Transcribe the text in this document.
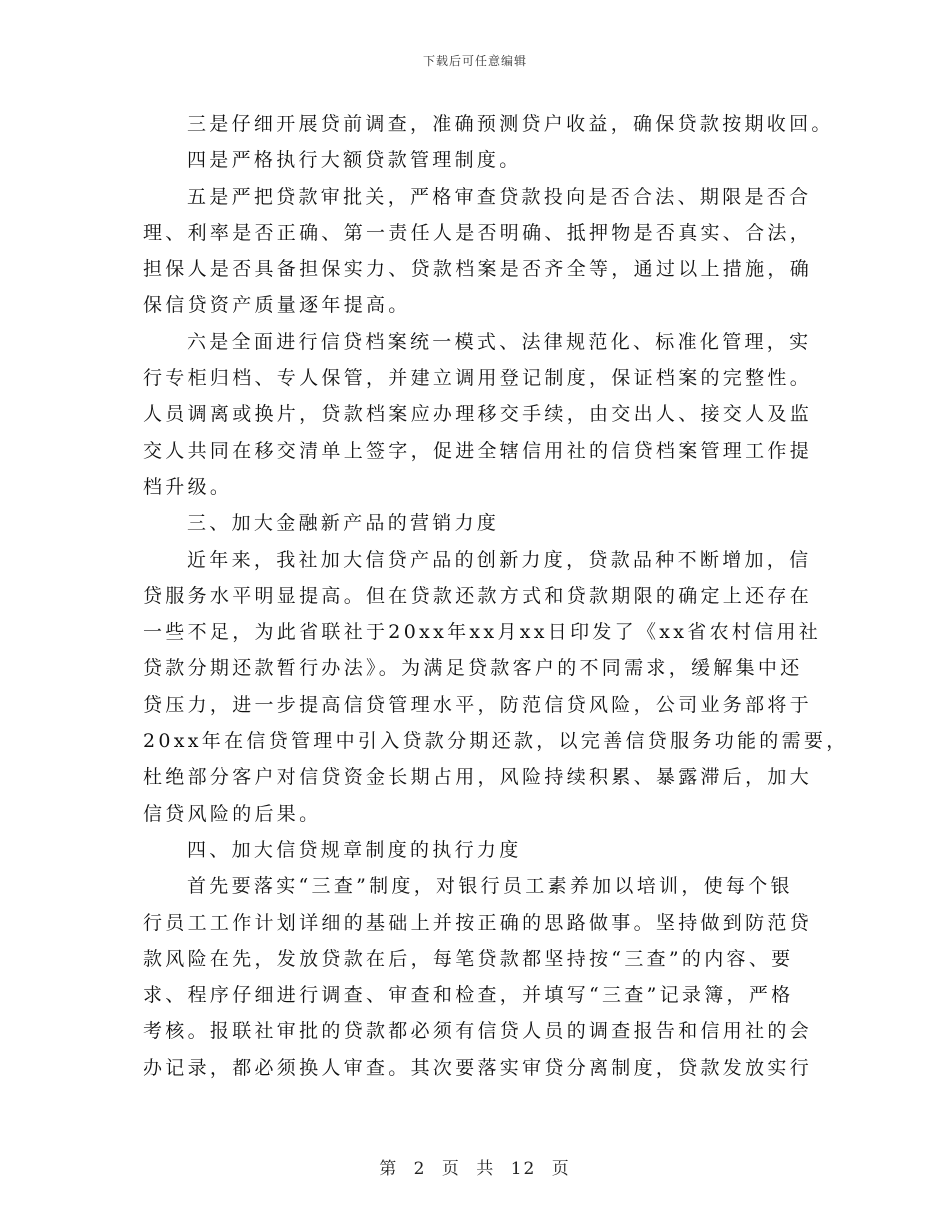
下载后可任意编辑
三是仔细开展贷前调查，准确预测贷户收益，确保贷款按期收回。
四是严格执行大额贷款管理制度。
五是严把贷款审批关，严格审查贷款投向是否合法、期限是否合
理、利率是否正确、第一责任人是否明确、抵押物是否真实、合法，
担保人是否具备担保实力、贷款档案是否齐全等，通过以上措施，确
保信贷资产质量逐年提高。
六是全面进行信贷档案统一模式、法律规范化、标准化管理，实
行专柜归档、专人保管，并建立调用登记制度，保证档案的完整性。
人员调离或换片，贷款档案应办理移交手续，由交出人、接交人及监
交人共同在移交清单上签字，促进全辖信用社的信贷档案管理工作提
档升级。
三、加大金融新产品的营销力度
近年来，我社加大信贷产品的创新力度，贷款品种不断增加，信
贷服务水平明显提高。但在贷款还款方式和贷款期限的确定上还存在
一些不足，为此省联社于20xx年xx月xx日印发了《xx省农村信用社
贷款分期还款暂行办法》。为满足贷款客户的不同需求，缓解集中还
贷压力，进一步提高信贷管理水平，防范信贷风险，公司业务部将于
20xx年在信贷管理中引入贷款分期还款，以完善信贷服务功能的需要，
杜绝部分客户对信贷资金长期占用，风险持续积累、暴露滞后，加大
信贷风险的后果。
四、加大信贷规章制度的执行力度
首先要落实“三查”制度，对银行员工素养加以培训，使每个银
行员工工作计划详细的基础上并按正确的思路做事。坚持做到防范贷
款风险在先，发放贷款在后，每笔贷款都坚持按“三查”的内容、要
求、程序仔细进行调查、审查和检查，并填写“三查”记录簿，严格
考核。报联社审批的贷款都必须有信贷人员的调查报告和信用社的会
办记录，都必须换人审查。其次要落实审贷分离制度，贷款发放实行
第 2 页 共 12 页
